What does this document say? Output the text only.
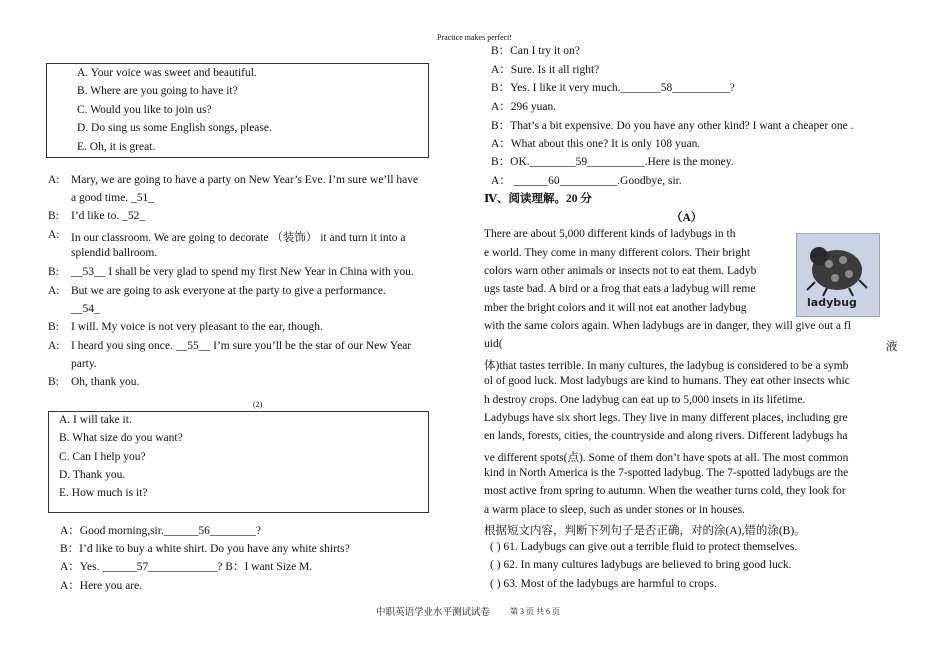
Practice makes perfect!
A. Your voice was sweet and beautiful.
B. Where are you going to have it?
C. Would you like to join us?
D. Do sing us some English songs, please.
E. Oh, it is great.
A: Mary, we are going to have a party on New Year’s Eve. I’m sure we’ll have
a good time. _51_
B: I’d like to. _52_
A: In our classroom. We are going to decorate （装饰） it and turn it into a
splendid ballroom.
B: __53__ I shall be very glad to spend my first New Year in China with you.
A: But we are going to ask everyone at the party to give a performance.
__54_
B: I will. My voice is not very pleasant to the ear, though.
A: I heard you sing once. __55__ I’m sure you’ll be the star of our New Year
party.
B: Oh, thank you.
(2)
A. I will take it.
B. What size do you want?
C. Can I help you?
D. Thank you.
E. How much is it?
A：Good morning,sir.______56________?
B：I’d like to buy a white shirt. Do you have any white shirts?
A：Yes. ______57____________? B：I want Size M.
A：Here you are.
B：Can I try it on?
A：Sure. Is it all right?
B：Yes. I like it very much._______58__________?
A：296 yuan.
B：That’s a bit expensive. Do you have any other kind? I want a cheaper one .
A：What about this one? It is only 108 yuan.
B：OK.________59__________.Here is the money.
A： ______60__________.Goodbye, sir.
Ⅳ、阅读理解。20 分
（A）
ladybug
There are about 5,000 different kinds of ladybugs in th
e world. They come in many different colors. Their bright
colors warn other animals or insects not to eat them. Ladyb
ugs taste bad. A bird or a frog that eats a ladybug will reme
mber the bright colors and it will not eat another ladybug
with the same colors again. When ladybugs are in danger, they will give out a fl
uid(	液
体)that tastes terrible. In many cultures, the ladybug is considered to be a symb
ol of good luck. Most ladybugs are kind to humans. They eat other insects whic
h destroy crops. One ladybug can eat up to 5,000 insets in its lifetime.
Ladybugs have six short legs. They live in many different places, including gre
en lands, forests, cities, the countryside and along rivers. Different ladybugs ha
ve different spots(点). Some of them don’t have spots at all. The most common
kind in North America is the 7-spotted ladybug. The 7-spotted ladybugs are the
most active from spring to autumn. When the weather turns cold, they look for
a warm place to sleep, such as under stones or in houses.
根据短文内容，判断下列句子是否正确，对的涂(A),错的涂(B)。
( ) 61. Ladybugs can give out a terrible fluid to protect themselves.
( ) 62. In many cultures ladybugs are believed to bring good luck.
( ) 63. Most of the ladybugs are harmful to crops.
中职英语学业水平测试试卷 第 3 页 共 6 页
